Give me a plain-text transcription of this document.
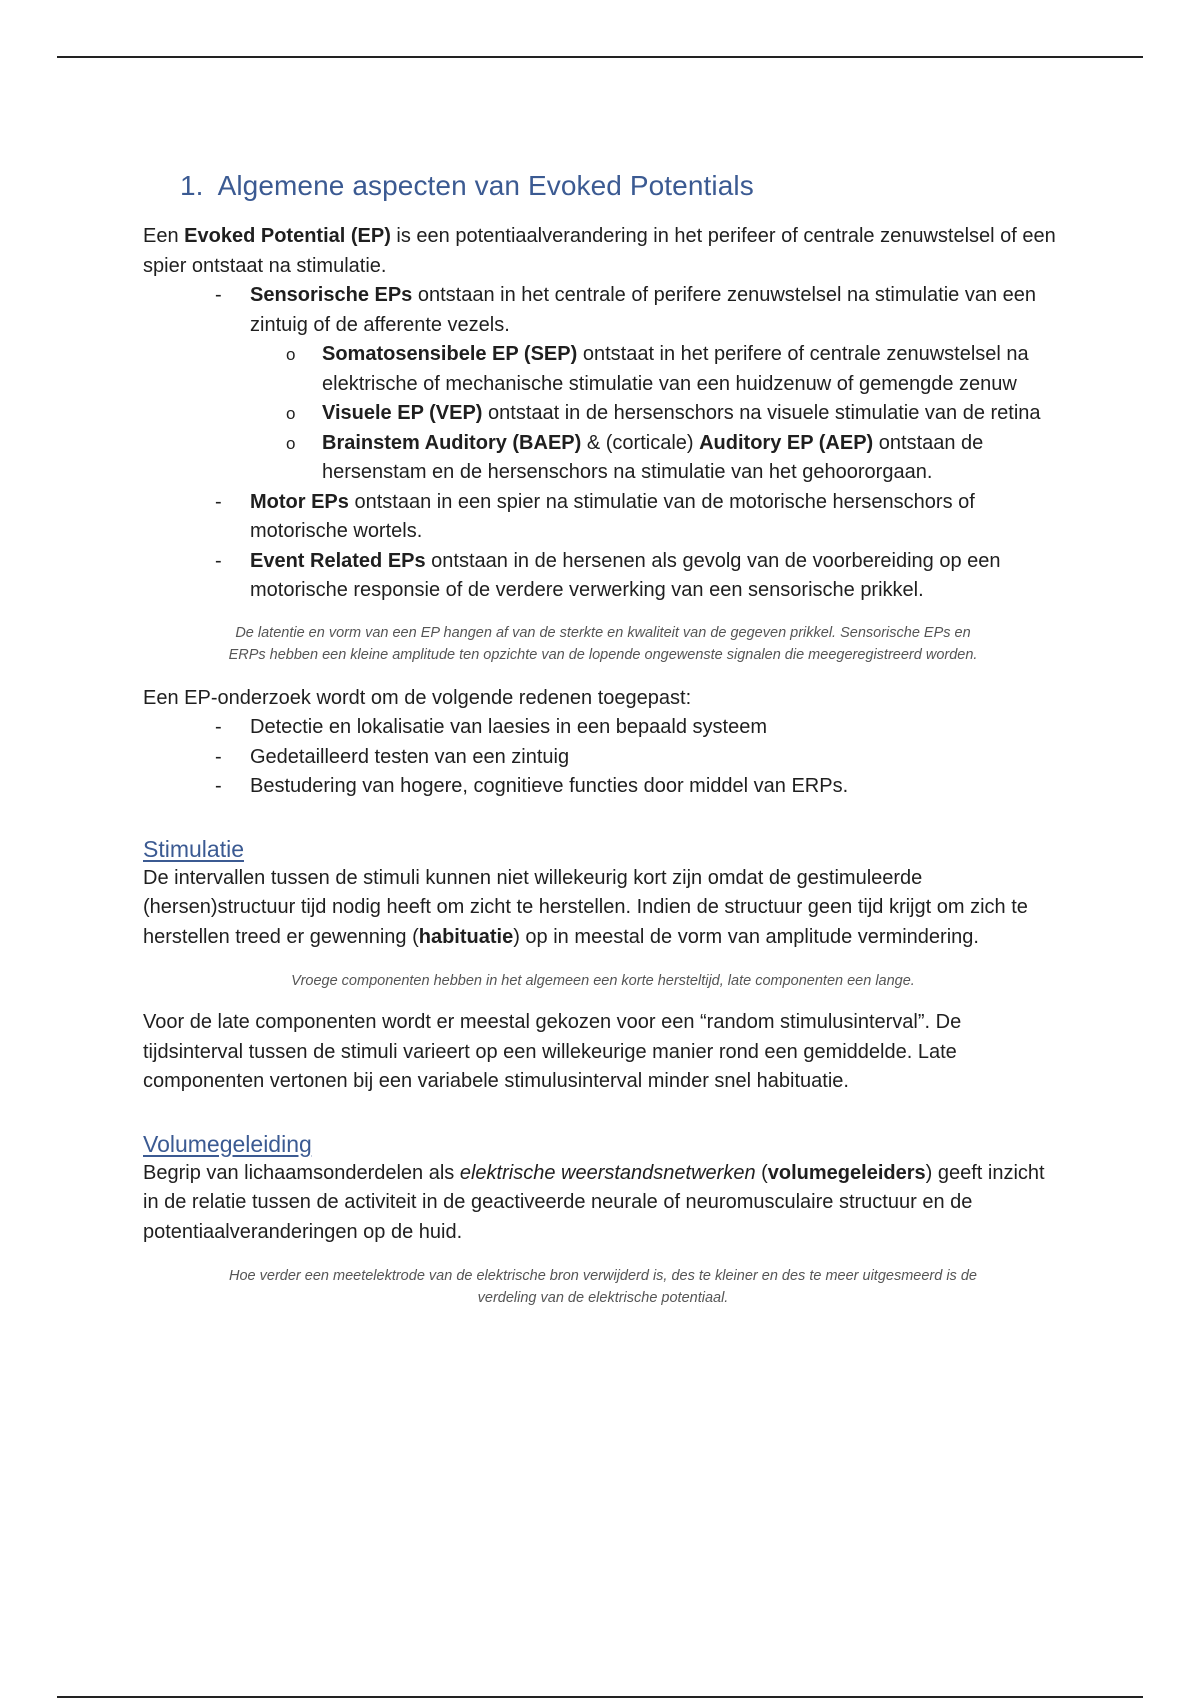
1. Algemene aspecten van Evoked Potentials

Een Evoked Potential (EP) is een potentiaalverandering in het perifeer of centrale zenuwstelsel of een spier ontstaat na stimulatie.

- Sensorische EPs ontstaan in het centrale of perifere zenuwstelsel na stimulatie van een zintuig of de afferente vezels.
o Somatosensibele EP (SEP) ontstaat in het perifere of centrale zenuwstelsel na elektrische of mechanische stimulatie van een huidzenuw of gemengde zenuw
o Visuele EP (VEP) ontstaat in de hersenschors na visuele stimulatie van de retina
o Brainstem Auditory (BAEP) & (corticale) Auditory EP (AEP) ontstaan de hersenstam en de hersenschors na stimulatie van het gehoororgaan.
- Motor EPs ontstaan in een spier na stimulatie van de motorische hersenschors of motorische wortels.
- Event Related EPs ontstaan in de hersenen als gevolg van de voorbereiding op een motorische responsie of de verdere verwerking van een sensorische prikkel.
De latentie en vorm van een EP hangen af van de sterkte en kwaliteit van de gegeven prikkel. Sensorische EPs en ERPs hebben een kleine amplitude ten opzichte van de lopende ongewenste signalen die meegeregistreerd worden.

Een EP-onderzoek wordt om de volgende redenen toegepast:

- Detectie en lokalisatie van laesies in een bepaald systeem
- Gedetailleerd testen van een zintuig
- Bestudering van hogere, cognitieve functies door middel van ERPs.
Stimulatie

De intervallen tussen de stimuli kunnen niet willekeurig kort zijn omdat de gestimuleerde (hersen)structuur tijd nodig heeft om zicht te herstellen. Indien de structuur geen tijd krijgt om zich te herstellen treed er gewenning (habituatie) op in meestal de vorm van amplitude vermindering.

Vroege componenten hebben in het algemeen een korte hersteltijd, late componenten een lange.

Voor de late componenten wordt er meestal gekozen voor een “random stimulusinterval”. De tijdsinterval tussen de stimuli varieert op een willekeurige manier rond een gemiddelde. Late componenten vertonen bij een variabele stimulusinterval minder snel habituatie.

Volumegeleiding

Begrip van lichaamsonderdelen als elektrische weerstandsnetwerken (volumegeleiders) geeft inzicht in de relatie tussen de activiteit in de geactiveerde neurale of neuromusculaire structuur en de potentiaalveranderingen op de huid.

Hoe verder een meetelektrode van de elektrische bron verwijderd is, des te kleiner en des te meer uitgesmeerd is de verdeling van de elektrische potentiaal.
